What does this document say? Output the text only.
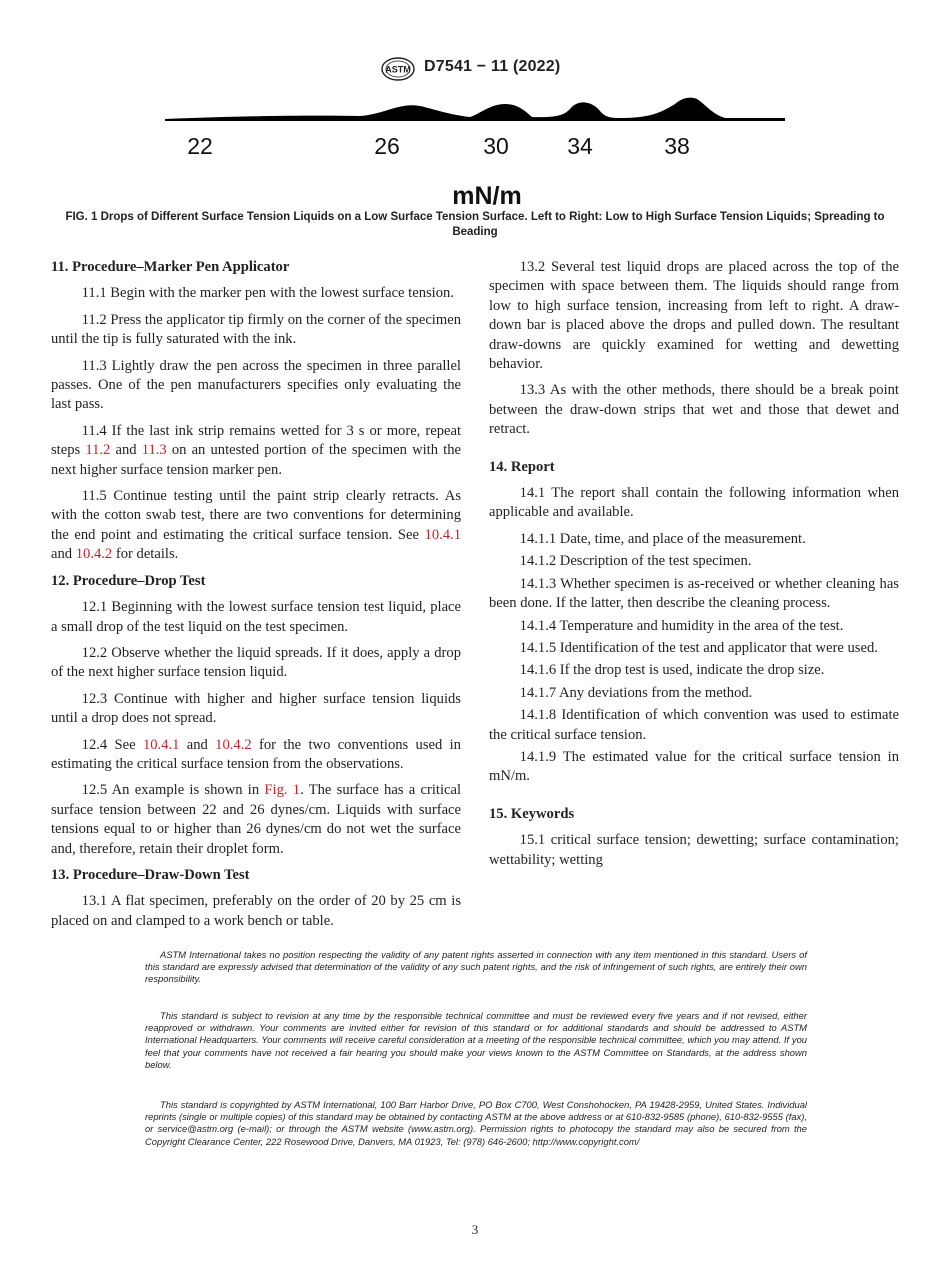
ASTM D7541 − 11 (2022)
22	26	30	34	38
mN/m
FIG. 1 Drops of Different Surface Tension Liquids on a Low Surface Tension Surface. Left to Right: Low to High Surface Tension Liquids; Spreading to Beading
11. Procedure–Marker Pen Applicator

11.1 Begin with the marker pen with the lowest surface tension.

11.2 Press the applicator tip firmly on the corner of the specimen until the tip is fully saturated with the ink.

11.3 Lightly draw the pen across the specimen in three parallel passes. One of the pen manufacturers specifies only evaluating the last pass.

11.4 If the last ink strip remains wetted for 3 s or more, repeat steps 11.2 and 11.3 on an untested portion of the specimen with the next higher surface tension marker pen.

11.5 Continue testing until the paint strip clearly retracts. As with the cotton swab test, there are two conventions for determining the end point and estimating the critical surface tension. See 10.4.1 and 10.4.2 for details.

12. Procedure–Drop Test

12.1 Beginning with the lowest surface tension test liquid, place a small drop of the test liquid on the test specimen.

12.2 Observe whether the liquid spreads. If it does, apply a drop of the next higher surface tension liquid.

12.3 Continue with higher and higher surface tension liquids until a drop does not spread.

12.4 See 10.4.1 and 10.4.2 for the two conventions used in estimating the critical surface tension from the observations.

12.5 An example is shown in Fig. 1. The surface has a critical surface tension between 22 and 26 dynes/cm. Liquids with surface tensions equal to or higher than 26 dynes/cm do not wet the surface and, therefore, retain their droplet form.

13. Procedure–Draw-Down Test

13.1 A flat specimen, preferably on the order of 20 by 25 cm is placed on and clamped to a work bench or table.

13.2 Several test liquid drops are placed across the top of the specimen with space between them. The liquids should range from low to high surface tension, increasing from left to right. A draw-down bar is placed above the drops and pulled down. The resultant draw-downs are quickly examined for wetting and dewetting behavior.

13.3 As with the other methods, there should be a break point between the draw-down strips that wet and those that dewet and retract.

14. Report

14.1 The report shall contain the following information when applicable and available.

14.1.1 Date, time, and place of the measurement.

14.1.2 Description of the test specimen.

14.1.3 Whether specimen is as-received or whether cleaning has been done. If the latter, then describe the cleaning process.

14.1.4 Temperature and humidity in the area of the test.

14.1.5 Identification of the test and applicator that were used.

14.1.6 If the drop test is used, indicate the drop size.

14.1.7 Any deviations from the method.

14.1.8 Identification of which convention was used to estimate the critical surface tension.

14.1.9 The estimated value for the critical surface tension in mN/m.

15. Keywords

15.1 critical surface tension; dewetting; surface contamination; wettability; wetting

ASTM International takes no position respecting the validity of any patent rights asserted in connection with any item mentioned in this standard. Users of this standard are expressly advised that determination of the validity of any such patent rights, and the risk of infringement of such rights, are entirely their own responsibility.

This standard is subject to revision at any time by the responsible technical committee and must be reviewed every five years and if not revised, either reapproved or withdrawn. Your comments are invited either for revision of this standard or for additional standards and should be addressed to ASTM International Headquarters. Your comments will receive careful consideration at a meeting of the responsible technical committee, which you may attend. If you feel that your comments have not received a fair hearing you should make your views known to the ASTM Committee on Standards, at the address shown below.

This standard is copyrighted by ASTM International, 100 Barr Harbor Drive, PO Box C700, West Conshohocken, PA 19428-2959, United States. Individual reprints (single or multiple copies) of this standard may be obtained by contacting ASTM at the above address or at 610-832-9585 (phone), 610-832-9555 (fax), or service@astm.org (e-mail); or through the ASTM website (www.astm.org). Permission rights to photocopy the standard may also be secured from the Copyright Clearance Center, 222 Rosewood Drive, Danvers, MA 01923, Tel: (978) 646-2600; http://www.copyright.com/

3
